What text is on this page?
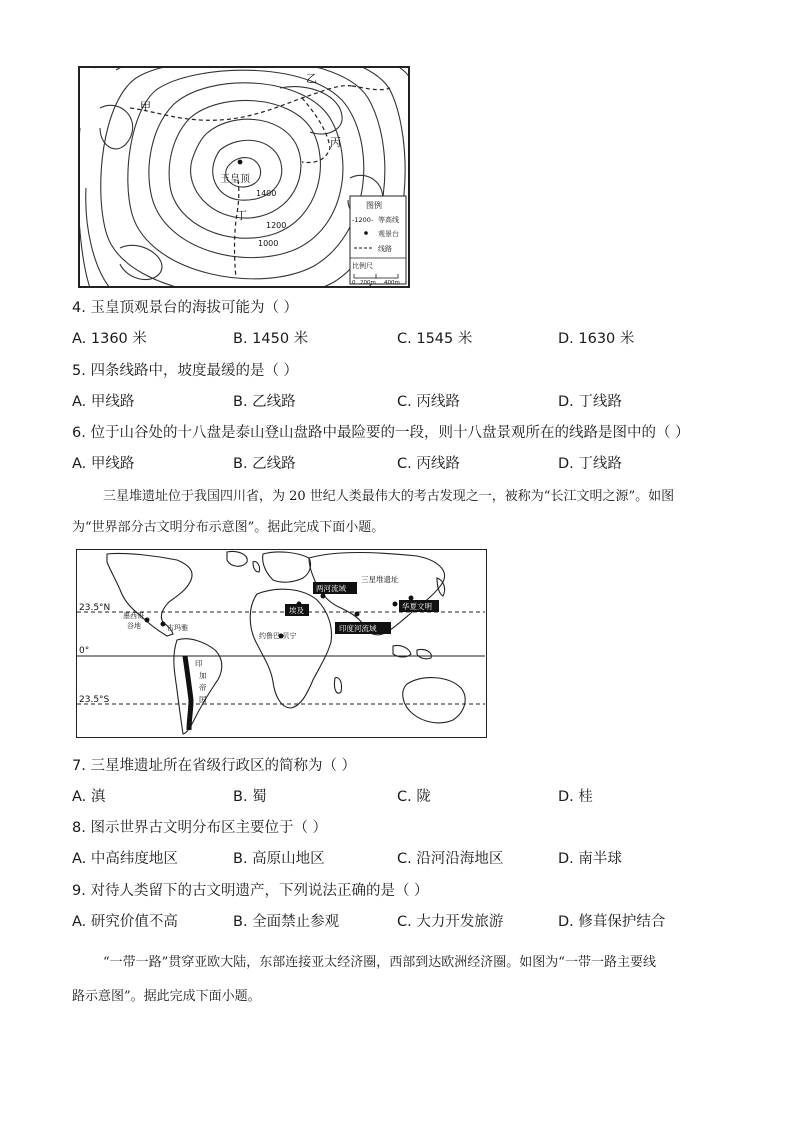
甲
乙
丙
丁
玉皇顶
1400
1200
1000
图例
-1200- 等高线
观景台
线路
比例尺
0 200m 400m
4. 玉皇顶观景台的海拔可能为（ ）
A. 1360 米	B. 1450 米	C. 1545 米	D. 1630 米
5. 四条线路中，坡度最缓的是（ ）
A. 甲线路	B. 乙线路	C. 丙线路	D. 丁线路
6. 位于山谷处的十八盘是泰山登山盘路中最险要的一段，则十八盘景观所在的线路是图中的（ ）
A. 甲线路	B. 乙线路	C. 丙线路	D. 丁线路
三星堆遗址位于我国四川省，为 20 世纪人类最伟大的考古发现之一，被称为“长江文明之源”。如图
为“世界部分古文明分布示意图”。据此完成下面小题。
23.5°N
0°
23.5°S
墨西哥
谷地	古玛雅
印
加
帝
国
约鲁巴-贝宁
埃及
两河流域
三星堆遗址
华夏文明
印度河流域
7. 三星堆遗址所在省级行政区的简称为（ ）
A. 滇	B. 蜀	C. 陇	D. 桂
8. 图示世界古文明分布区主要位于（ ）
A. 中高纬度地区	B. 高原山地区	C. 沿河沿海地区	D. 南半球
9. 对待人类留下的古文明遗产，下列说法正确的是（ ）
A. 研究价值不高	B. 全面禁止参观	C. 大力开发旅游	D. 修葺保护结合
“一带一路”贯穿亚欧大陆，东部连接亚太经济圈，西部到达欧洲经济圈。如图为“一带一路主要线
路示意图”。据此完成下面小题。
